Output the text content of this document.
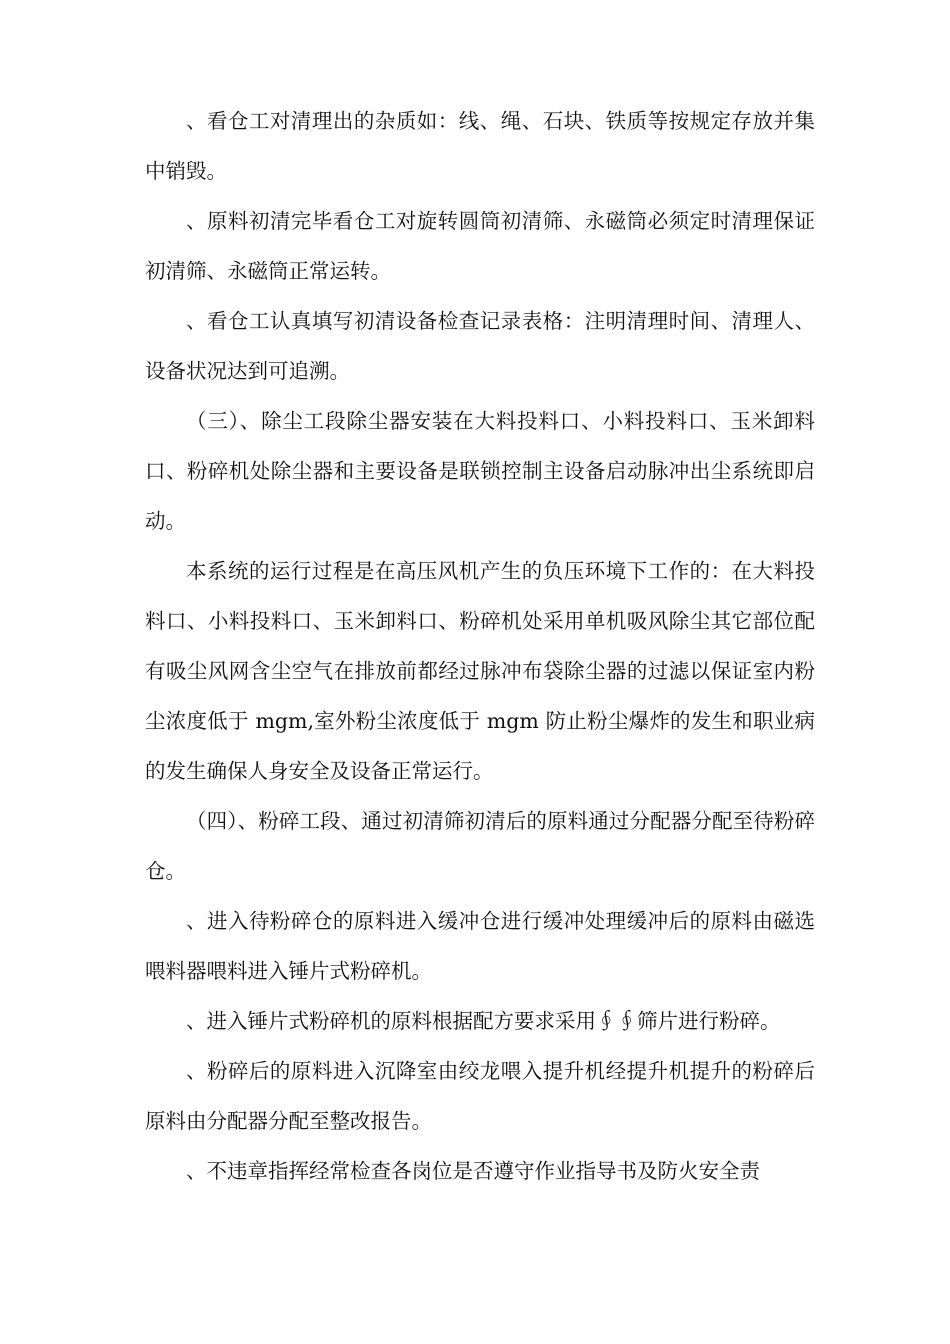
、看仓工对清理出的杂质如：线、绳、石块、铁质等按规定存放并集中销毁。

、原料初清完毕看仓工对旋转圆筒初清筛、永磁筒必须定时清理保证初清筛、永磁筒正常运转。

、看仓工认真填写初清设备检查记录表格：注明清理时间、清理人、设备状况达到可追溯。

（三）、除尘工段除尘器安装在大料投料口、小料投料口、玉米卸料口、粉碎机处除尘器和主要设备是联锁控制主设备启动脉冲出尘系统即启动。

本系统的运行过程是在高压风机产生的负压环境下工作的：在大料投料口、小料投料口、玉米卸料口、粉碎机处采用单机吸风除尘其它部位配有吸尘风网含尘空气在排放前都经过脉冲布袋除尘器的过滤以保证室内粉尘浓度低于 mgm,室外粉尘浓度低于 mgm 防止粉尘爆炸的发生和职业病的发生确保人身安全及设备正常运行。

（四）、粉碎工段、通过初清筛初清后的原料通过分配器分配至待粉碎仓。

、进入待粉碎仓的原料进入缓冲仓进行缓冲处理缓冲后的原料由磁选喂料器喂料进入锤片式粉碎机。

、进入锤片式粉碎机的原料根据配方要求采用∮∮筛片进行粉碎。

、粉碎后的原料进入沉降室由绞龙喂入提升机经提升机提升的粉碎后原料由分配器分配至整改报告。

、不违章指挥经常检查各岗位是否遵守作业指导书及防火安全责
